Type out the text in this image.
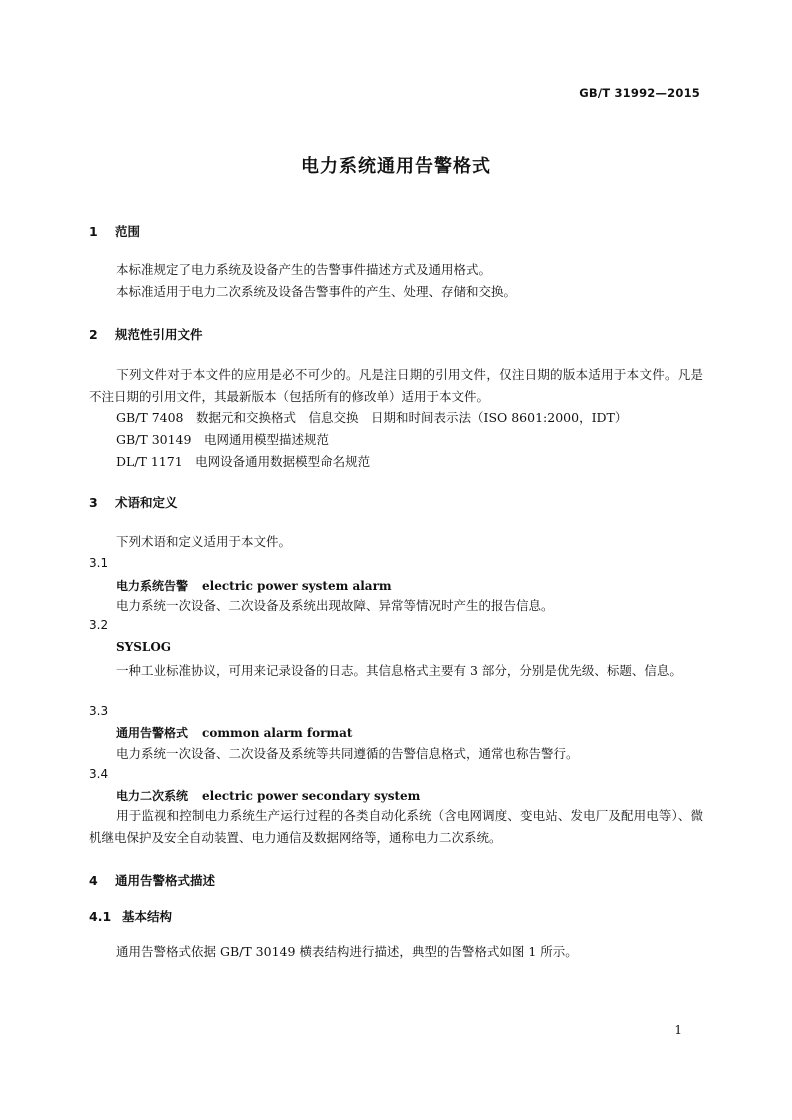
GB/T 31992—2015
电力系统通用告警格式
1 范围
本标准规定了电力系统及设备产生的告警事件描述方式及通用格式。
本标准适用于电力二次系统及设备告警事件的产生、处理、存储和交换。
2 规范性引用文件
下列文件对于本文件的应用是必不可少的。凡是注日期的引用文件，仅注日期的版本适用于本文件。凡是不注日期的引用文件，其最新版本（包括所有的修改单）适用于本文件。
GB/T 7408　数据元和交换格式　信息交换　日期和时间表示法（ISO 8601:2000，IDT）
GB/T 30149　电网通用模型描述规范
DL/T 1171　电网设备通用数据模型命名规范
3 术语和定义
下列术语和定义适用于本文件。
3.1
电力系统告警 electric power system alarm
电力系统一次设备、二次设备及系统出现故障、异常等情况时产生的报告信息。
3.2
SYSLOG
一种工业标准协议，可用来记录设备的日志。其信息格式主要有 3 部分，分别是优先级、标题、信息。
3.3
通用告警格式 common alarm format
电力系统一次设备、二次设备及系统等共同遵循的告警信息格式，通常也称告警行。
3.4
电力二次系统 electric power secondary system
用于监视和控制电力系统生产运行过程的各类自动化系统（含电网调度、变电站、发电厂及配用电等）、微机继电保护及安全自动装置、电力通信及数据网络等，通称电力二次系统。
4 通用告警格式描述
4.1 基本结构
通用告警格式依据 GB/T 30149 横表结构进行描述，典型的告警格式如图 1 所示。
1
